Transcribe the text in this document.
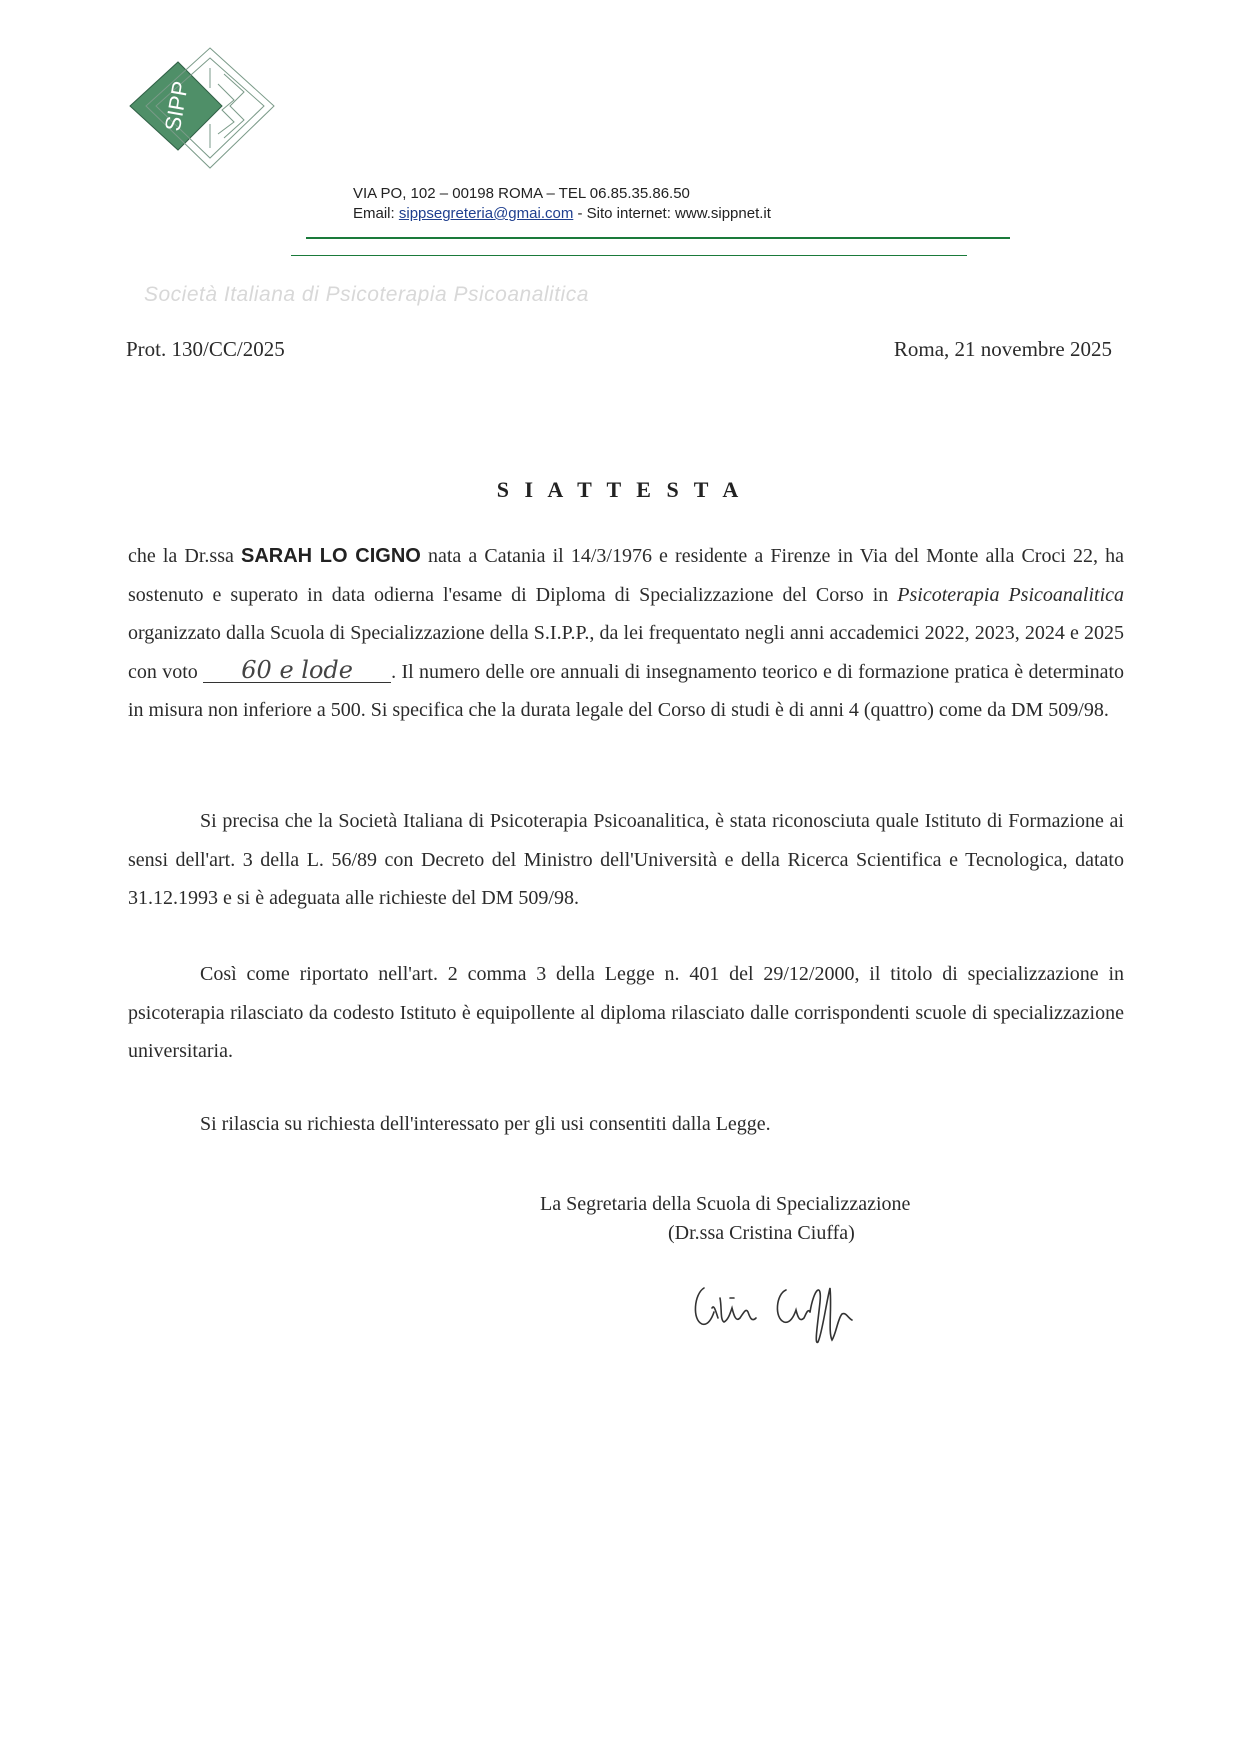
SIPP
VIA PO, 102 – 00198 ROMA – TEL 06.85.35.86.50
Email: sippsegreteria@gmai.com - Sito internet: www.sippnet.it
Società Italiana di Psicoterapia Psicoanalitica
Prot. 130/CC/2025	Roma, 21 novembre 2025
S I A T T E S T A
che la Dr.ssa SARAH LO CIGNO nata a Catania il 14/3/1976 e residente a Firenze in Via del Monte alla Croci 22, ha sostenuto e superato in data odierna l'esame di Diploma di Specializzazione del Corso in Psicoterapia Psicoanalitica organizzato dalla Scuola di Specializzazione della S.I.P.P., da lei frequentato negli anni accademici 2022, 2023, 2024 e 2025 con voto 60 e lode . Il numero delle ore annuali di insegnamento teorico e di formazione pratica è determinato in misura non inferiore a 500. Si specifica che la durata legale del Corso di studi è di anni 4 (quattro) come da DM 509/98.
Si precisa che la Società Italiana di Psicoterapia Psicoanalitica, è stata riconosciuta quale Istituto di Formazione ai sensi dell'art. 3 della L. 56/89 con Decreto del Ministro dell'Università e della Ricerca Scientifica e Tecnologica, datato 31.12.1993 e si è adeguata alle richieste del DM 509/98.
Così come riportato nell'art. 2 comma 3 della Legge n. 401 del 29/12/2000, il titolo di specializzazione in psicoterapia rilasciato da codesto Istituto è equipollente al diploma rilasciato dalle corrispondenti scuole di specializzazione universitaria.
Si rilascia su richiesta dell'interessato per gli usi consentiti dalla Legge.
La Segretaria della Scuola di Specializzazione
(Dr.ssa Cristina Ciuffa)
